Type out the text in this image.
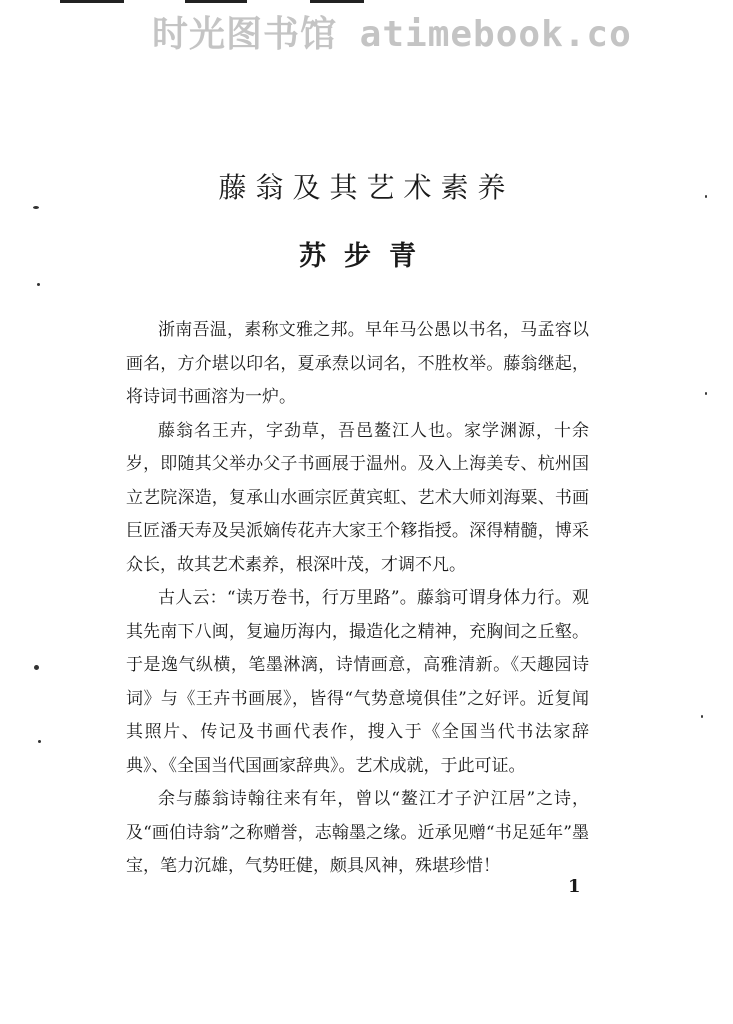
时光图书馆 atimebook.co
藤翁及其艺术素养
苏步青

浙南吾温，素称文雅之邦。早年马公愚以书名，马孟容以画名，方介堪以印名，夏承焘以词名，不胜枚举。藤翁继起，将诗词书画溶为一炉。

藤翁名王卉，字劲草，吾邑鳌江人也。家学渊源，十余岁，即随其父举办父子书画展于温州。及入上海美专、杭州国立艺院深造，复承山水画宗匠黄宾虹、艺术大师刘海粟、书画巨匠潘天寿及吴派嫡传花卉大家王个簃指授。深得精髓，博采众长，故其艺术素养，根深叶茂，才调不凡。

古人云：“读万卷书，行万里路”。藤翁可谓身体力行。观其先南下八闽，复遍历海内，撮造化之精神，充胸间之丘壑。于是逸气纵横，笔墨淋漓，诗情画意，高雅清新。《天趣园诗词》与《王卉书画展》，皆得“气势意境俱佳”之好评。近复闻其照片、传记及书画代表作，搜入于《全国当代书法家辞典》、《全国当代国画家辞典》。艺术成就，于此可证。

余与藤翁诗翰往来有年，曾以“鳌江才子沪江居”之诗，及“画伯诗翁”之称赠誉，志翰墨之缘。近承见赠“书足延年”墨宝，笔力沉雄，气势旺健，颇具风神，殊堪珍惜！

1
